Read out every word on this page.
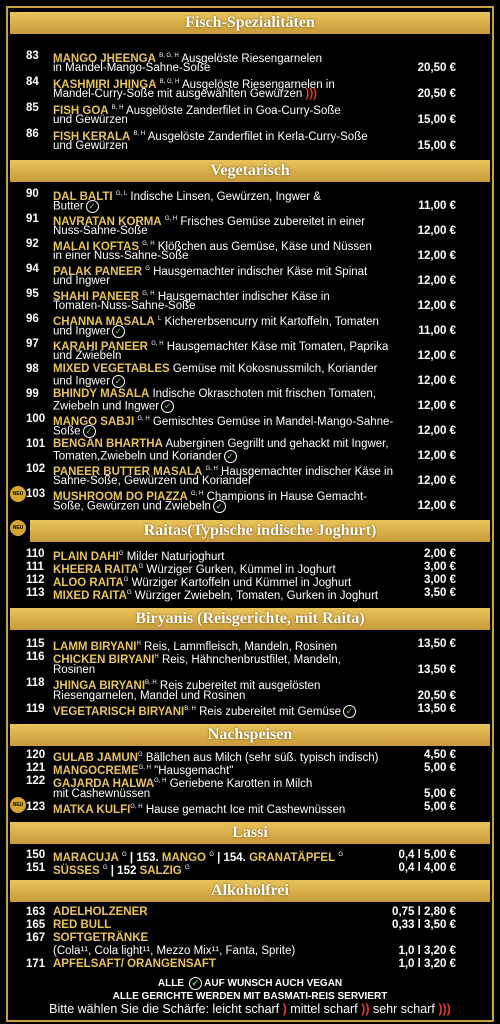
Fisch-Spezialitäten
83	MANGO JHEENGA $^{B, G, H}$ Ausgelöste Riesengarnelen
in Mandel-Mango-Sahne-Soße	20,50 €
84	KASHMIRI JHINGA $^{B, G, H}$ Ausgelöste Riesengarnelen in
Mandel-Curry-Soße mit ausgewählten Gewürzen )))	20,50 €
85	FISH GOA $^{B, H}$ Ausgelöste Zanderfilet in Goa-Curry-Soße
und Gewürzen	15,00 €
86	FISH KERALA $^{B, H}$ Ausgelöste Zanderfilet in Kerla-Curry-Soße
und Gewürzen	15,00 €
Vegetarisch
90	DAL BALTI $^{G, L}$ Indische Linsen, Gewürzen, Ingwer &
Butter ✓	11,00 €
91	NAVRATAN KORMA $^{G, H}$ Frisches Gemüse zubereitet in einer
Nuss-Sahne-Soße	12,00 €
92	MALAI KOFTAS $^{G, H}$ Klößchen aus Gemüse, Käse und Nüssen
in einer Nuss-Sahne-Soße	12,00 €
94	PALAK PANEER $^G$ Hausgemachter indischer Käse mit Spinat
und Ingwer	12,00 €
95	SHAHI PANEER $^{G, H}$ Hausgemachter indischer Käse in
Tomaten-Nuss-Sahne-Soße	12,00 €
96	CHANNA MASALA $^L$ Kichererbsencurry mit Kartoffeln, Tomaten
und Ingwer ✓	11,00 €
97	KARAHI PANEER $^{G, H}$ Hausgemachter Käse mit Tomaten, Paprika
und Zwiebeln	12,00 €
98	MIXED VEGETABLES Gemüse mit Kokosnussmilch, Koriander
und Ingwer ✓	12,00 €
99	BHINDY MASALA Indische Okraschoten mit frischen Tomaten,
Zwiebeln und Ingwer ✓	12,00 €
100 MANGO SABJI $^{G, H}$ Gemischtes Gemüse in Mandel-Mango-Sahne-
Soße ✓	12,00 €
101 BENGAN BHARTHA Auberginen Gegrillt und gehackt mit Ingwer,
Tomaten,Zwiebeln und Koriander ✓	12,00 €
102 PANEER BUTTER MASALA $^{G, H}$ Hausgemachter indischer Käse in
Sahne-Soße, Gewürzen und Koriander	12,00 €
NEU 103 MUSHROOM DO PIAZZA $^{G, H}$ Champions in Hause Gemacht-
Soße, Gewürzen und Zwiebeln ✓	12,00 €
NEU	Raitas(Typische indische Joghurt)
110 PLAIN $DAHI^G$ Milder Naturjoghurt	2,00 €
111 KHEERA $RAITA^G$ Würziger Gurken, Kümmel in Joghurt	3,00 €
112 ALOO $RAITA^G$ Würziger Kartoffeln und Kümmel in Joghurt	3,00 €
113 MIXED $RAITA^G$ Würziger Zwiebeln, Tomaten, Gurken in Joghurt	3,50 €
Biryanis (Reisgerichte, mit Raita)
115 LAMM $BIRYANI^H$ Reis, Lammfleisch, Mandeln, Rosinen	13,50 €
116 CHICKEN $BIRYANI^H$ Reis, Hähnchenbrustfilet, Mandeln,
Rosinen	13,50 €
118 JHINGA $BIRYANI^{B, H}$ Reis zubereitet mit ausgelösten
Riesengarnelen, Mandel und Rosinen	20,50 €
119 VEGETARISCH $BIRYANI^{B, H}$ Reis zubereitet mit Gemüse ✓	13,50 €
Nachspeisen
120 GULAB $JAMUN^G$ Bällchen aus Milch (sehr süß. typisch indisch)	4,50 €
121 $MANGOCREME^{G, H}$ "Hausgemacht"	5,00 €
122 GAJARDA $HALWA^{G, H}$ Geriebene Karotten in Milch
mit Cashewnüssen	5,00 €
NEU 123 MATKA $KULFI^{G, H}$ Hause gemacht Ice mit Cashewnüssen	5,00 €
Lassi
150 MARACUJA $^G$ | 153. MANGO $^G$ | 154. GRANATÄPFEL $^G$	0,4 l 5,00 €
151 SÜSSES $^G$ | 152 SALZIG $^G$	0,4 l 4,00 €
Alkoholfrei
163 ADELHOLZENER	0,75 l 2,80 €
165 RED BULL	0,33 l 3,50 €
167 SOFTGETRÄNKE
(Cola¹¹, Cola light¹¹, Mezzo Mix¹¹, Fanta, Sprite)	1,0 l 3,20 €
171 APFELSAFT/ ORANGENSAFT	1,0 l 3,20 €
ALLE ✓ AUF WUNSCH AUCH VEGAN
ALLE GERICHTE WERDEN MIT BASMATI-REIS SERVIERT
Bitte wählen Sie die Schärfe: leicht scharf ) mittel scharf )) sehr scharf )))
